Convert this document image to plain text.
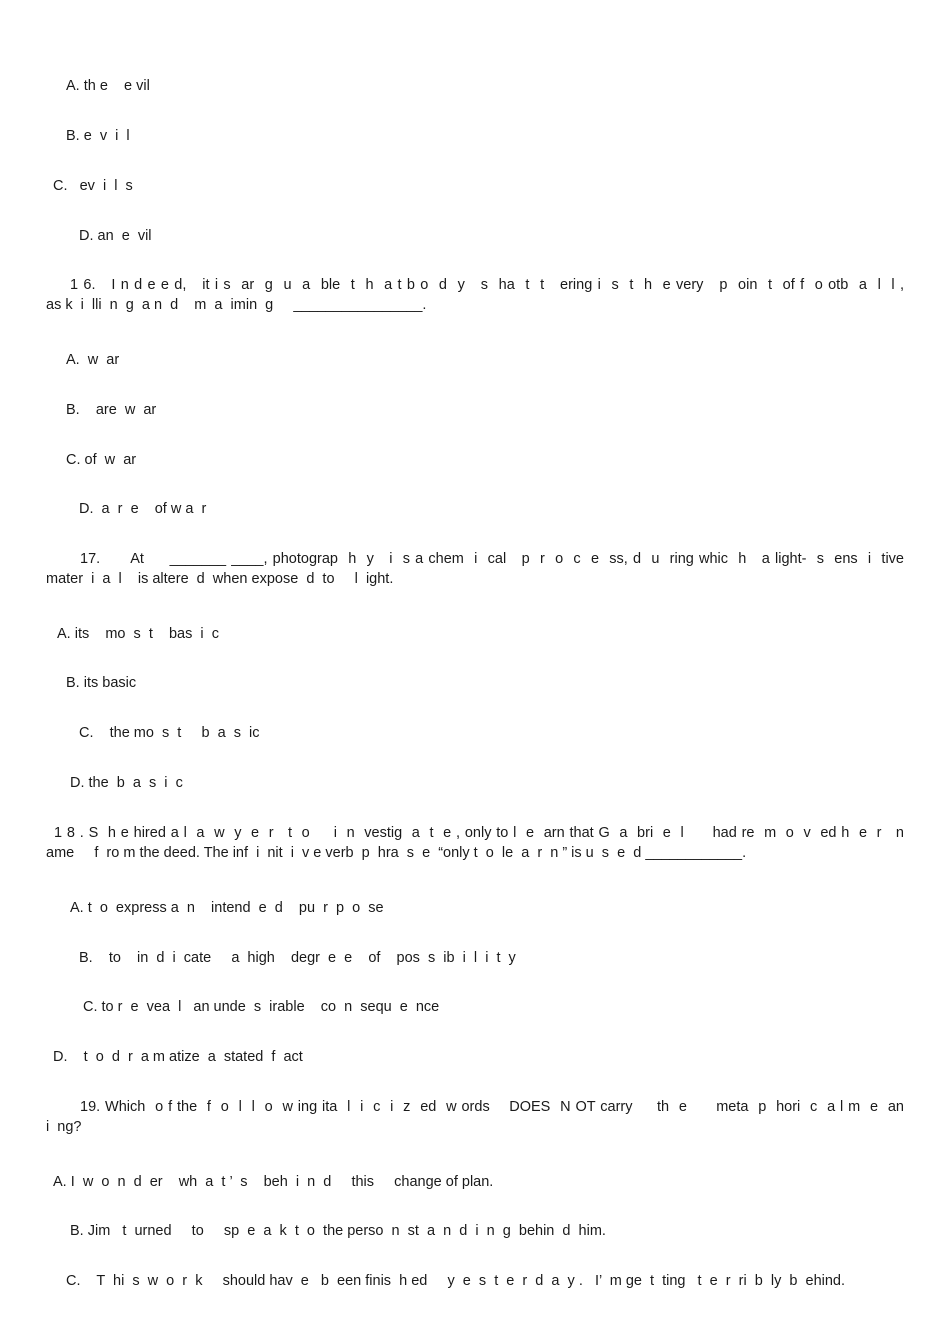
A. th e    e vil
B. e  v  i  l
C.   ev  i  l  s
D. an  e  vil
1 6.   I n d e e d,   it i s  ar  g  u  a  ble  t  h  a t b o  d  y   s  ha  t  t   ering i  s  t  h  e very   p  oin  t  of f  o otb  a  l  l ,
as k  i  lli  n  g  a n  d    m  a  imin  g     ________________.
A.  w  ar
B.    are  w  ar
C. of  w  ar
D.  a  r  e    of w a  r
17.      At     _______ ____, photograp  h  y   i  s a chem  i  cal   p  r  o  c  e  ss, d  u  ring whic  h   a light-  s  ens  i  tive
mater  i  a  l    is altere  d  when expose  d  to     l  ight.
A. its    mo  s  t    bas  i  c
B. its basic
C.    the mo  s  t     b  a  s  ic
D. the  b  a  s  i  c
1 8 . S  h e hired a l  a  w  y  e  r   t  o     i  n  vestig  a  t  e , only to l  e  arn that G  a  bri  e  l      had re  m  o  v  ed h  e  r   n
ame     f  ro m the deed. The inf  i  nit  i  v e verb  p  hra  s  e  “only t  o  le  a  r  n ” is u  s  e  d ____________.
A. t  o  express a  n    intend  e  d    pu  r  p  o  se
B.    to    in  d  i  cate     a  high    degr  e  e    of    pos  s  ib  i  l  i  t  y
C. to r  e  vea  l   an unde  s  irable    co  n  sequ  e  nce
D.    t  o  d  r  a m atize  a  stated  f  act
19. Which  o f the  f  o  l  l  o  w ing ita  l  i  c  i  z  ed  w ords    DOES  N OT carry     th  e      meta  p  hori  c  a l m  e  an
i  ng?
A. I  w  o  n  d  er    wh  a  t ’  s    beh  i  n  d     this     change of plan.
B. Jim   t  urned     to     sp  e  a  k  t  o  the perso  n  st  a  n  d  i  n  g  behin  d  him.
C.    T  hi  s  w  o  r  k     should hav  e   b  een finis  h ed     y  e  s  t  e  r  d  a  y .   I’  m ge  t  ting   t  e  r  ri  b  ly  b  ehind.
